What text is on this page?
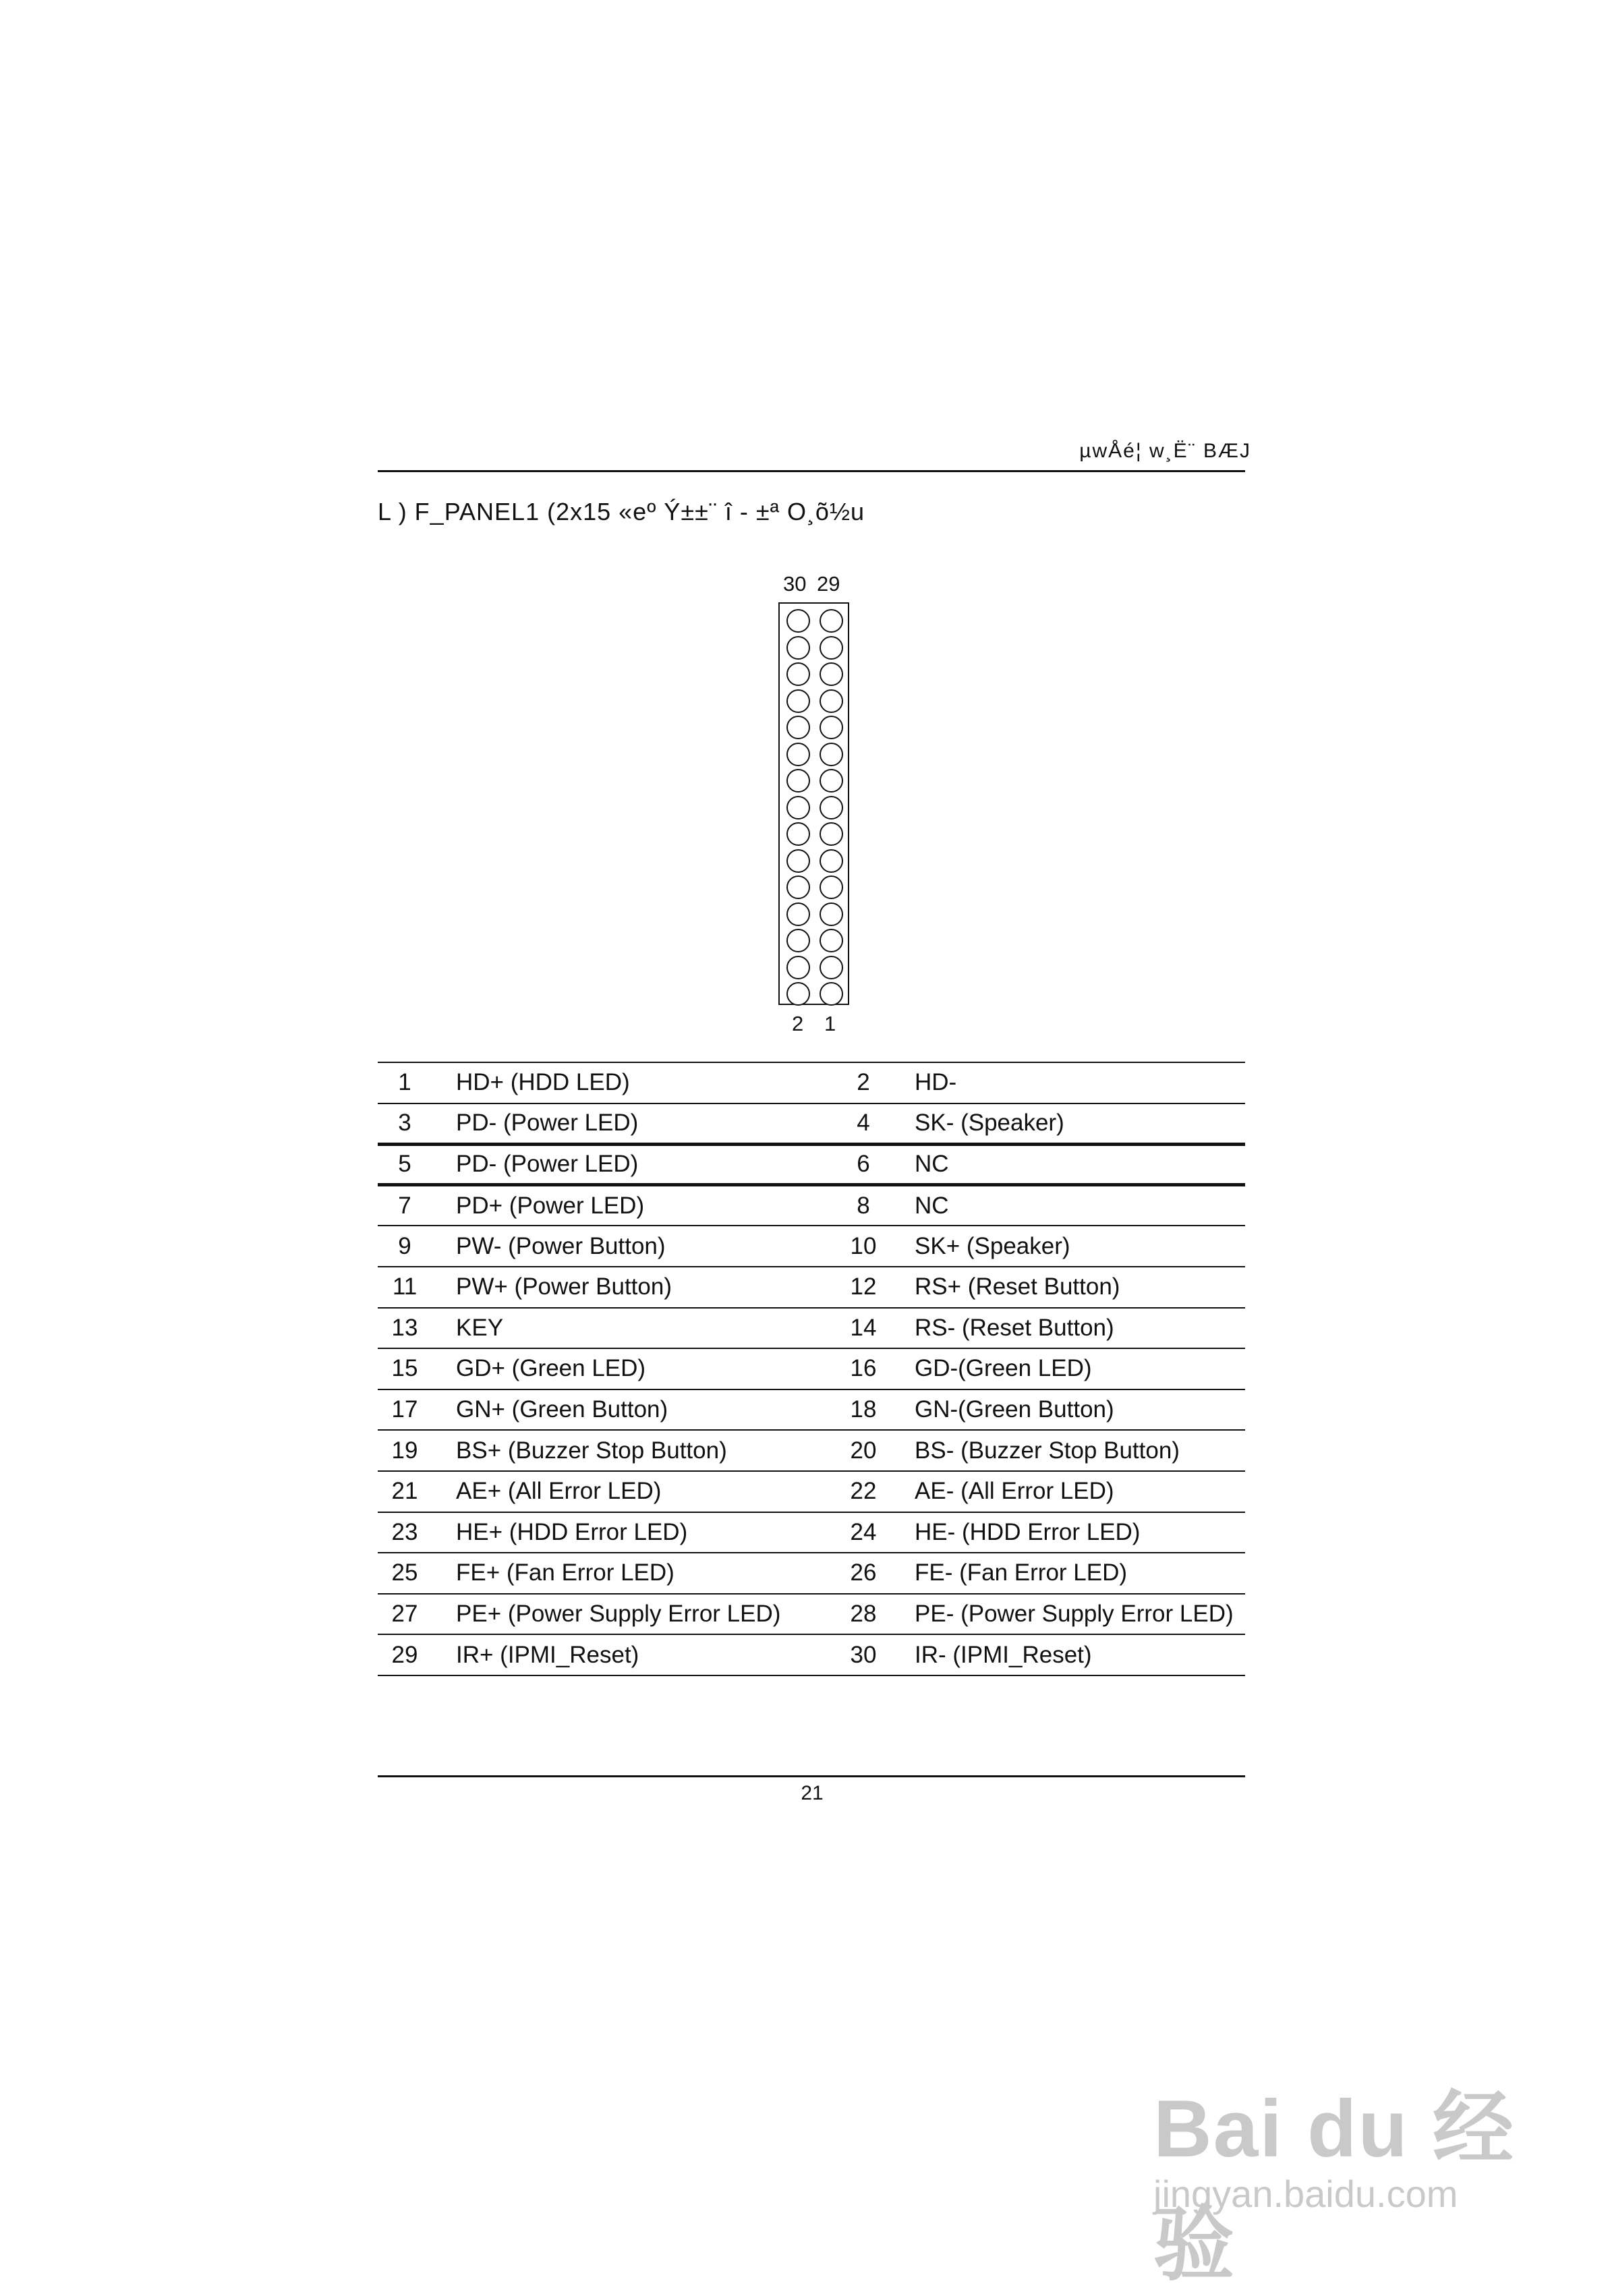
µwÅé¦ w¸Ë¨ BÆJ
L ) F_PANEL1 (2x15 «eº Ý±±¨ î - ±ª O¸õ½u
30 29
2 1
1	HD+ (HDD LED)	2	HD-
3	PD- (Power LED)	4	SK- (Speaker)
5	PD- (Power LED)	6	NC
7	PD+ (Power LED)	8	NC
9	PW- (Power Button)	10	SK+ (Speaker)
11	PW+ (Power Button)	12	RS+ (Reset Button)
13	KEY	14	RS- (Reset Button)
15	GD+ (Green LED)	16	GD-(Green LED)
17	GN+ (Green Button)	18	GN-(Green Button)
19	BS+ (Buzzer Stop Button)	20	BS- (Buzzer Stop Button)
21	AE+ (All Error LED)	22	AE- (All Error LED)
23	HE+ (HDD Error LED)	24	HE- (HDD Error LED)
25	FE+ (Fan Error LED)	26	FE- (Fan Error LED)
27	PE+ (Power Supply Error LED)	28	PE- (Power Supply Error LED)
29	IR+ (IPMI_Reset)	30	IR- (IPMI_Reset)
21
Bai du 经验
jingyan.baidu.com
